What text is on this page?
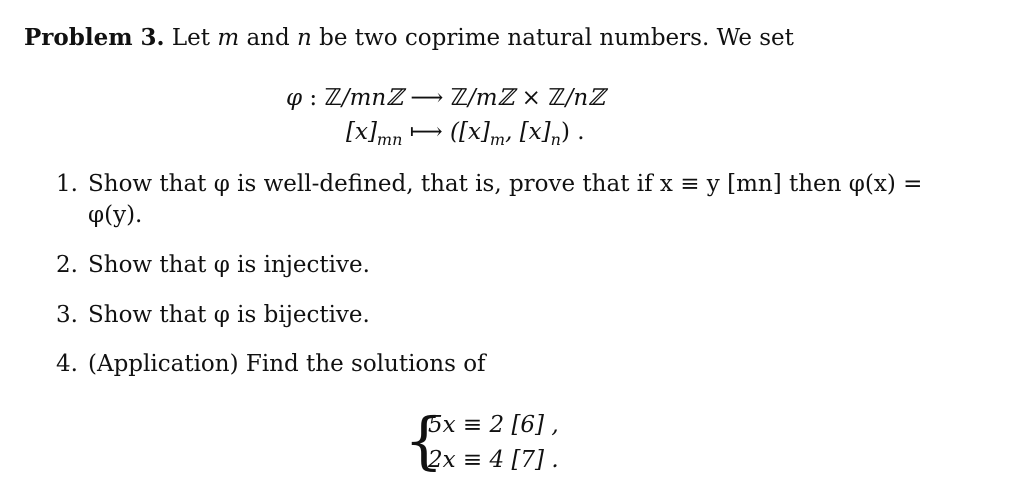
Problem 3. Let m and n be two coprime natural numbers. We set
φ : ℤ/mnℤ ⟶ ℤ/mℤ × ℤ/nℤ
$[x]_{mn}$ ⟼ ($[x]_m$, $[x]_n$) .
1. Show that φ is well-defined, that is, prove that if x ≡ y [mn] then φ(x) =
φ(y).
2. Show that φ is injective.
3. Show that φ is bijective.
4. (Application) Find the solutions of
{
5x ≡ 2 [6] ,
2x ≡ 4 [7] .
